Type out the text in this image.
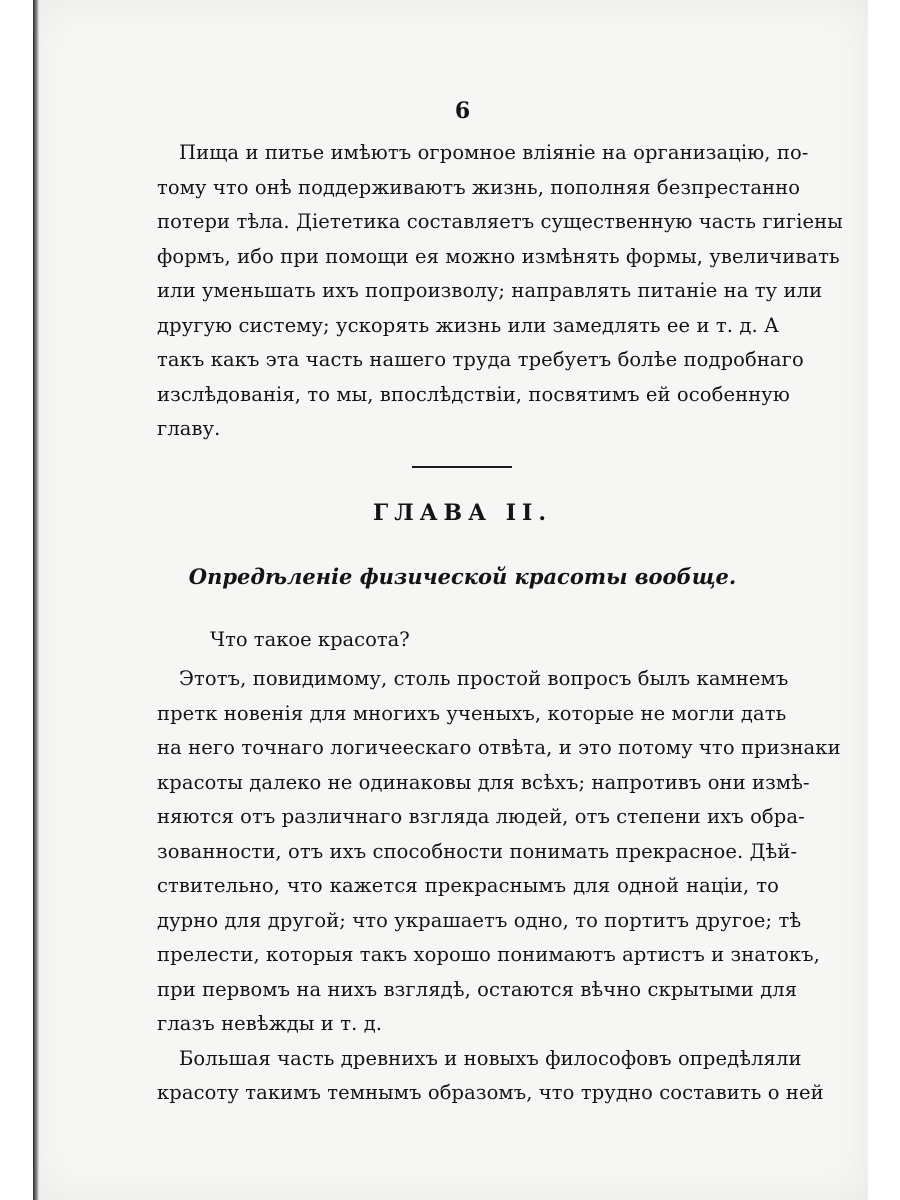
6
Пища и питье имѣютъ огромное вліяніе на организацію, по-
тому что онѣ поддерживаютъ жизнь, пополняя безпрестанно
потери тѣла. Діететика составляетъ существенную часть гигіены
формъ, ибо при помощи ея можно измѣнять формы, увеличивать
или уменьшать ихъ попроизволу; направлять питаніе на ту или
другую систему; ускорять жизнь или замедлять ее и т. д. А
такъ какъ эта часть нашего труда требуетъ болѣе подробнаго
изслѣдованія, то мы, впослѣдствіи, посвятимъ ей особенную
главу.
ГЛАВА II.
Опредѣленіе физической красоты вообще.
Что такое красота?
Этотъ, повидимому, столь простой вопросъ былъ камнемъ
претк новенія для многихъ ученыхъ, которые не могли дать
на него точнаго логичеескаго отвѣта, и это потому что признаки
красоты далеко не одинаковы для всѣхъ; напротивъ они измѣ-
няются отъ различнаго взгляда людей, отъ степени ихъ обра-
зованности, отъ ихъ способности понимать прекрасное. Дѣй-
ствительно, что кажется прекраснымъ для одной націи, то
дурно для другой; что украшаетъ одно, то портитъ другое; тѣ
прелести, которыя такъ хорошо понимаютъ артистъ и знатокъ,
при первомъ на нихъ взглядѣ, остаются вѣчно скрытыми для
глазъ невѣжды и т. д.
Большая часть древнихъ и новыхъ философовъ опредѣляли
красоту такимъ темнымъ образомъ, что трудно составить о ней
